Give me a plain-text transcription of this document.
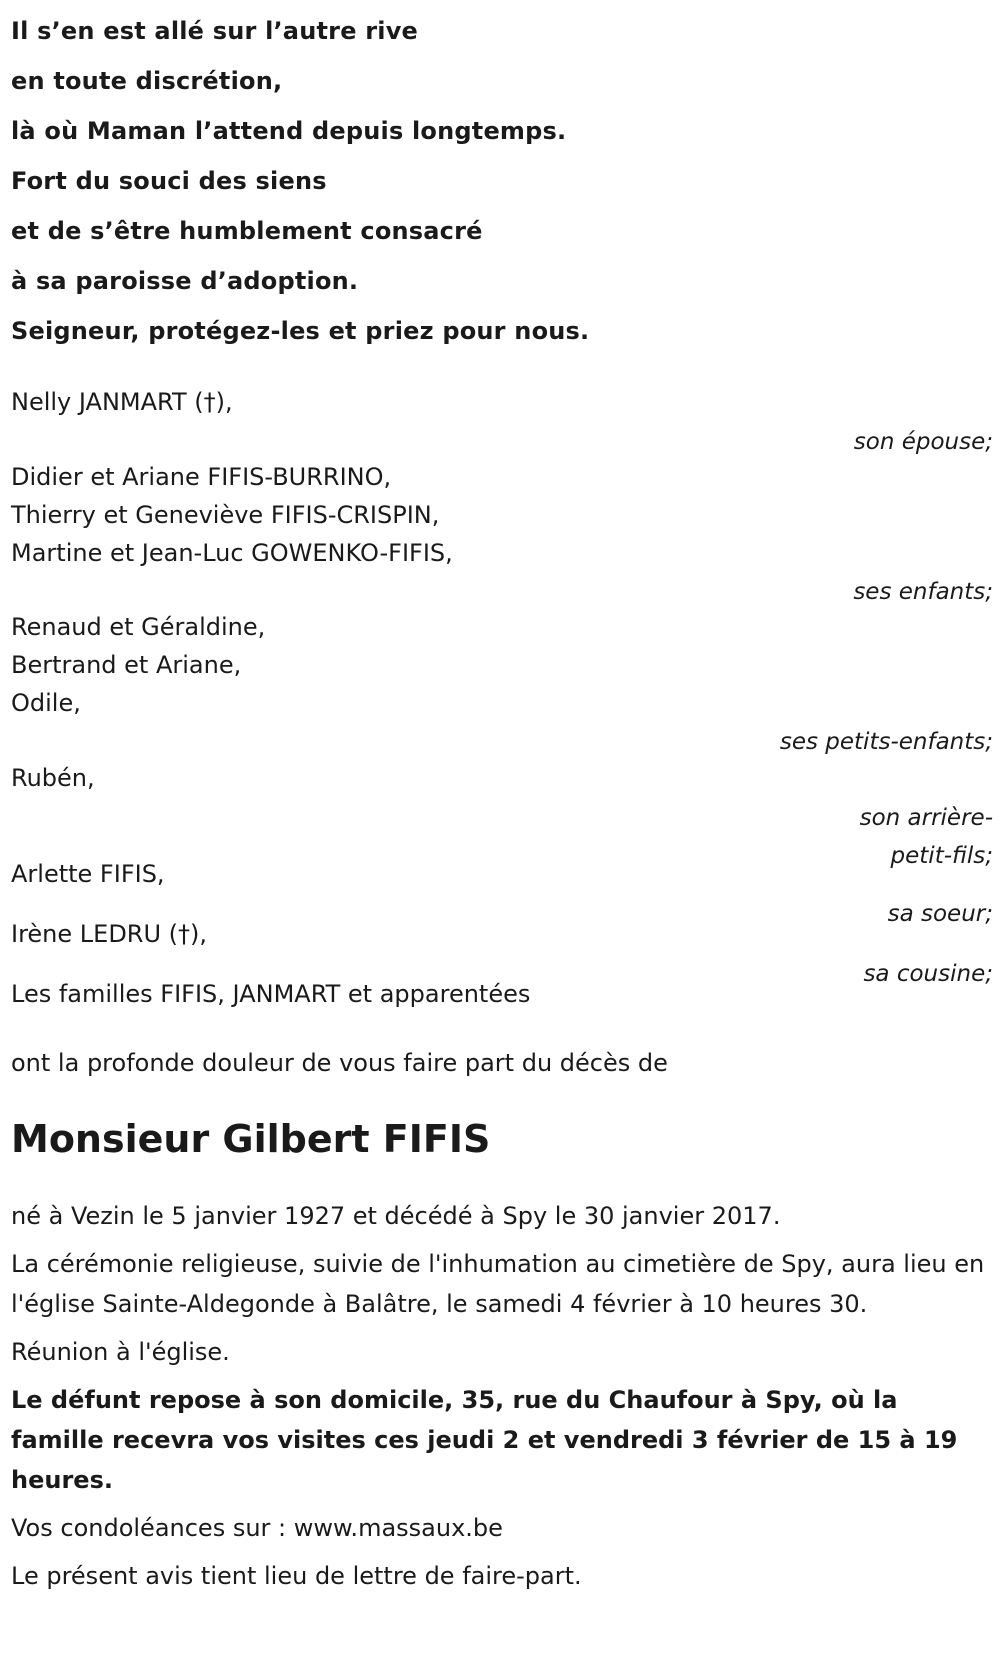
Il s’en est allé sur l’autre rive
en toute discrétion,
là où Maman l’attend depuis longtemps.
Fort du souci des siens
et de s’être humblement consacré
à sa paroisse d’adoption.
Seigneur, protégez-les et priez pour nous.
Nelly JANMART (†),
son épouse;
Didier et Ariane FIFIS-BURRINO,
Thierry et Geneviève FIFIS-CRISPIN,
Martine et Jean-Luc GOWENKO-FIFIS,
ses enfants;
Renaud et Géraldine,
Bertrand et Ariane,
Odile,
ses petits-enfants;
Rubén,
son arrière-
petit-fils;
Arlette FIFIS,
sa soeur;
Irène LEDRU (†),
sa cousine;
Les familles FIFIS, JANMART et apparentées
ont la profonde douleur de vous faire part du décès de
Monsieur Gilbert FIFIS
né à Vezin le 5 janvier 1927 et décédé à Spy le 30 janvier 2017.
La cérémonie religieuse, suivie de l'inhumation au cimetière de Spy, aura lieu en l'église Sainte-Aldegonde à Balâtre, le samedi 4 février à 10 heures 30.
Réunion à l'église.
Le défunt repose à son domicile, 35, rue du Chaufour à Spy, où la famille recevra vos visites ces jeudi 2 et vendredi 3 février de 15 à 19 heures.
Vos condoléances sur : www.massaux.be
Le présent avis tient lieu de lettre de faire-part.
